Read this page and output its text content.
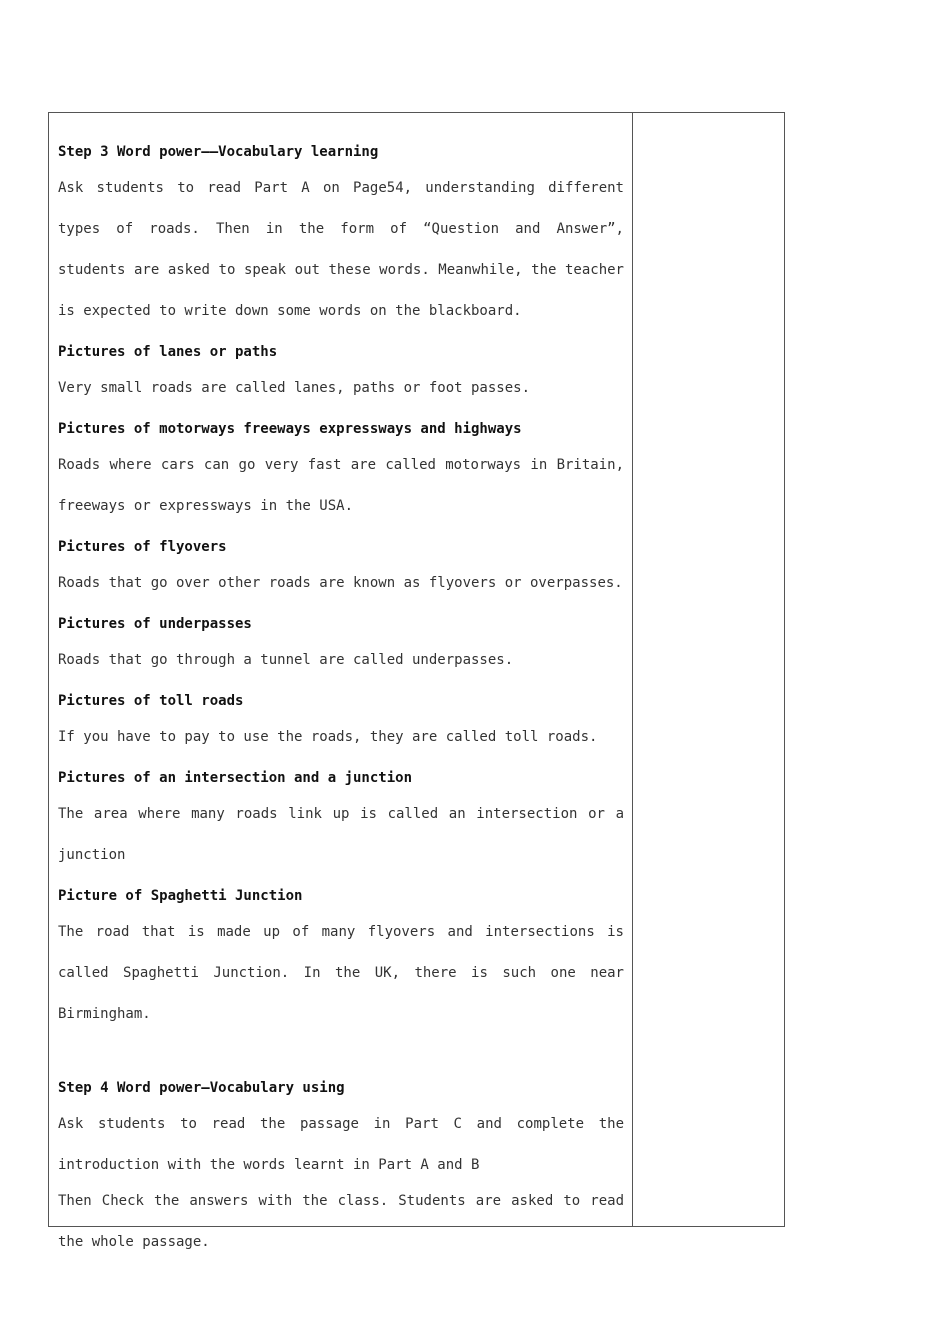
Step 3 Word power——Vocabulary learning
Ask students to read Part A on Page54, understanding different
types of roads. Then in the form of “Question and Answer”,
students are asked to speak out these words. Meanwhile, the teacher
is expected to write down some words on the blackboard.
Pictures of lanes or paths
Very small roads are called lanes, paths or foot passes.
Pictures of motorways freeways expressways and highways
Roads where cars can go very fast are called motorways in Britain,
freeways or expressways in the USA.
Pictures of flyovers
Roads that go over other roads are known as flyovers or overpasses.
Pictures of underpasses
Roads that go through a tunnel are called underpasses.
Pictures of toll roads
If you have to pay to use the roads, they are called toll roads.
Pictures of an intersection and a junction
The area where many roads link up is called an intersection or a
junction
Picture of Spaghetti Junction
The road that is made up of many flyovers and intersections is
called Spaghetti Junction. In the UK, there is such one near
Birmingham.
Step 4 Word power—Vocabulary using
Ask students to read the passage in Part C and complete the
introduction with the words learnt in Part A and B
Then Check the answers with the class. Students are asked to read
the whole passage.
